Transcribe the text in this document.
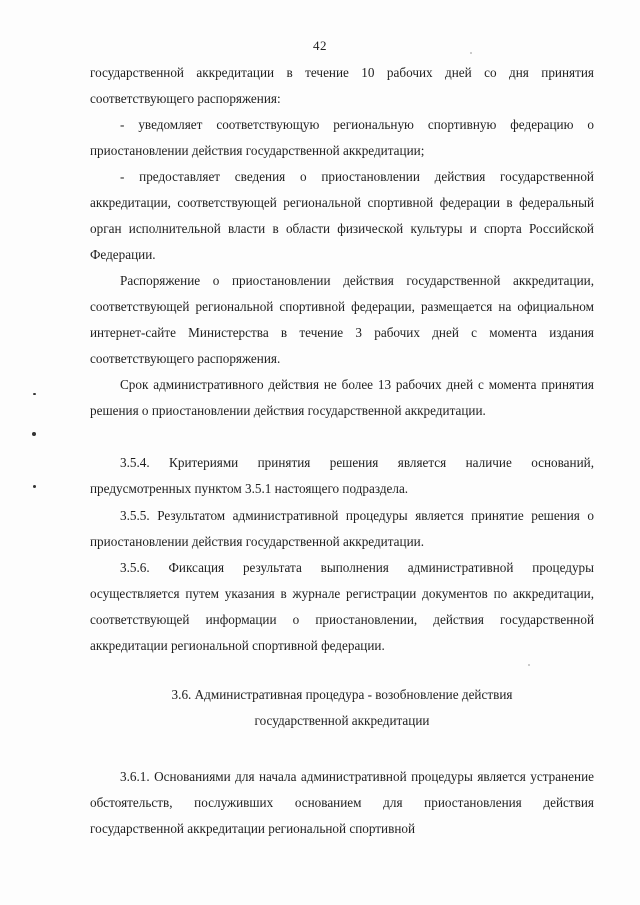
42

государственной аккредитации в течение 10 рабочих дней со дня принятия соответствующего распоряжения:

- уведомляет соответствующую региональную спортивную федерацию о приостановлении действия государственной аккредитации;

- предоставляет сведения о приостановлении действия государственной аккредитации, соответствующей региональной спортивной федерации в федеральный орган исполнительной власти в области физической культуры и спорта Российской Федерации.

Распоряжение о приостановлении действия государственной аккредитации, соответствующей региональной спортивной федерации, размещается на официальном интернет-сайте Министерства в течение 3 рабочих дней с момента издания соответствующего распоряжения.

Срок административного действия не более 13 рабочих дней с момента принятия решения о приостановлении действия государственной аккредитации.

3.5.4. Критериями принятия решения является наличие оснований, предусмотренных пунктом 3.5.1 настоящего подраздела.

3.5.5. Результатом административной процедуры является принятие решения о приостановлении действия государственной аккредитации.

3.5.6. Фиксация результата выполнения административной процедуры осуществляется путем указания в журнале регистрации документов по аккредитации, соответствующей информации о приостановлении, действия государственной аккредитации региональной спортивной федерации.

3.6. Административная процедура - возобновление действия
государственной аккредитации

3.6.1. Основаниями для начала административной процедуры является устранение обстоятельств, послуживших основанием для приостановления действия государственной аккредитации региональной спортивной
